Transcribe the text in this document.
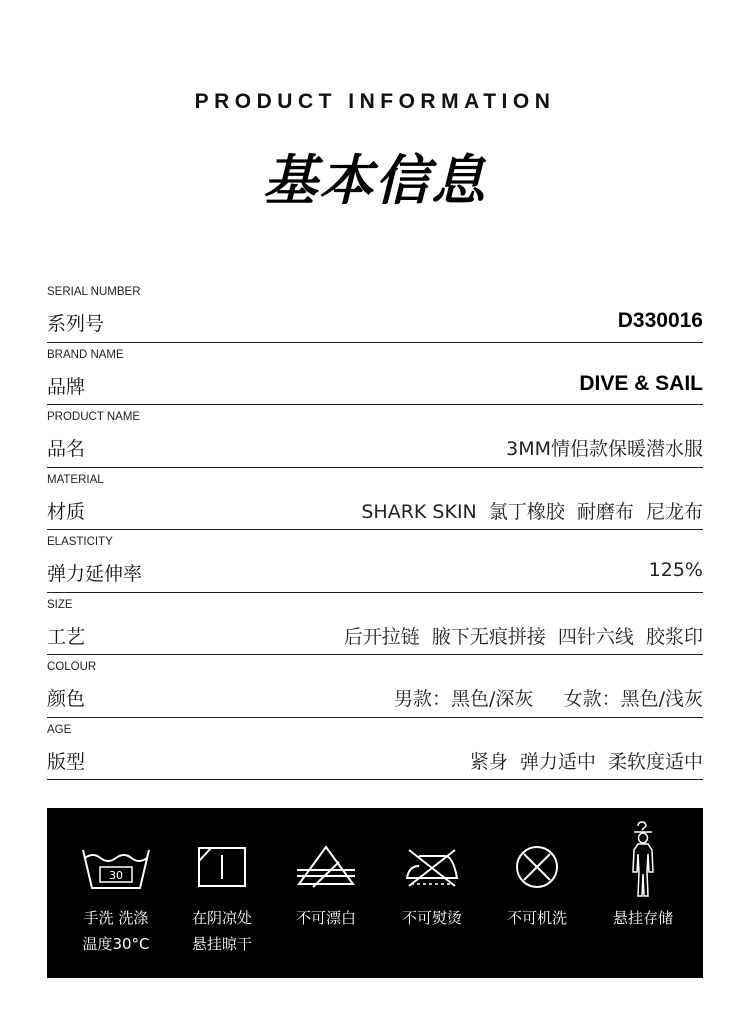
PRODUCT INFORMATION
基本信息
SERIAL NUMBER
系列号	D330016
BRAND NAME
品牌	DIVE & SAIL
PRODUCT NAME
品名	3MM情侣款保暖潜水服
MATERIAL
材质	SHARK SKIN  氯丁橡胶  耐磨布  尼龙布
ELASTICITY
弹力延伸率	125%
SIZE
工艺	后开拉链  腋下无痕拼接  四针六线  胶浆印
COLOUR
颜色	男款：黑色/深灰     女款：黑色/浅灰
AGE
版型	紧身  弹力适中  柔软度适中
30
手洗 洗涤
温度30°C
在阴凉处
悬挂晾干
不可漂白	不可熨烫	不可机洗	悬挂存储
